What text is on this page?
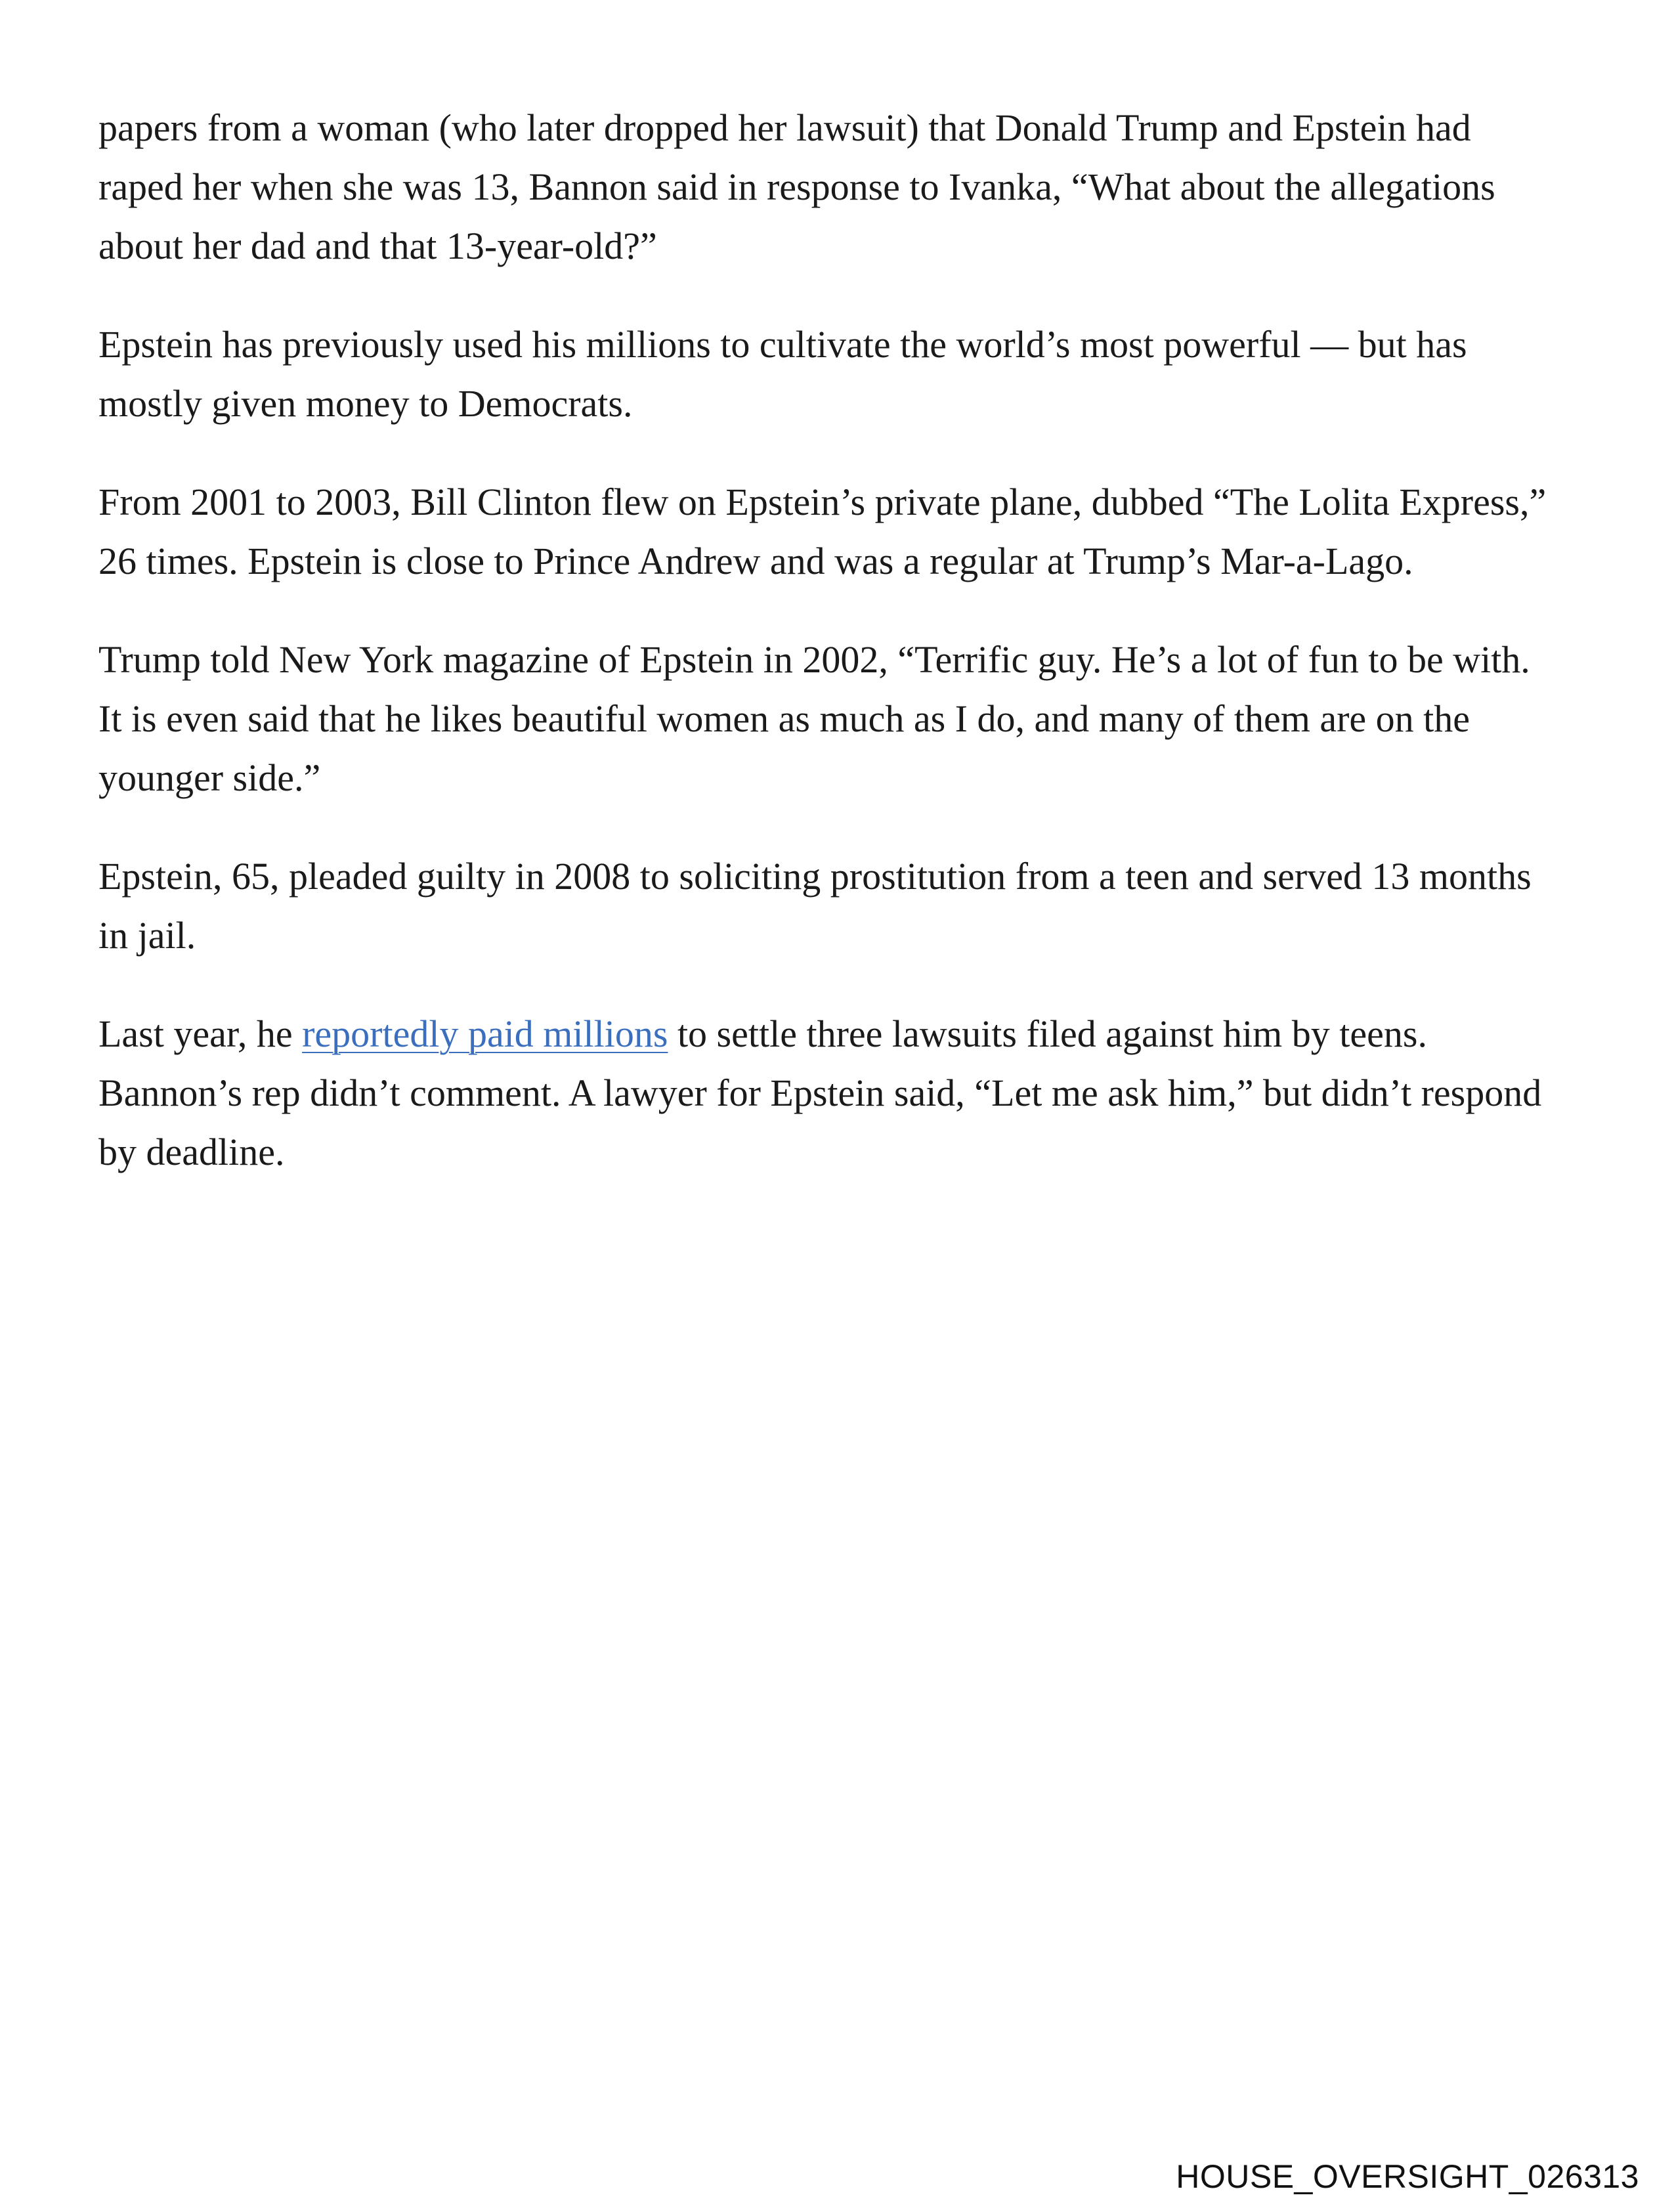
papers from a woman (who later dropped her lawsuit) that Donald Trump and Epstein had
raped her when she was 13, Bannon said in response to Ivanka, “What about the allegations
about her dad and that 13-year-old?”

Epstein has previously used his millions to cultivate the world’s most powerful — but has
mostly given money to Democrats.

From 2001 to 2003, Bill Clinton flew on Epstein’s private plane, dubbed “The Lolita Express,”
26 times. Epstein is close to Prince Andrew and was a regular at Trump’s Mar-a-Lago.

Trump told New York magazine of Epstein in 2002, “Terrific guy. He’s a lot of fun to be with.
It is even said that he likes beautiful women as much as I do, and many of them are on the
younger side.”

Epstein, 65, pleaded guilty in 2008 to soliciting prostitution from a teen and served 13 months
in jail.

Last year, he reportedly paid millions to settle three lawsuits filed against him by teens.
Bannon’s rep didn’t comment. A lawyer for Epstein said, “Let me ask him,” but didn’t respond
by deadline.

HOUSE_OVERSIGHT_026313
